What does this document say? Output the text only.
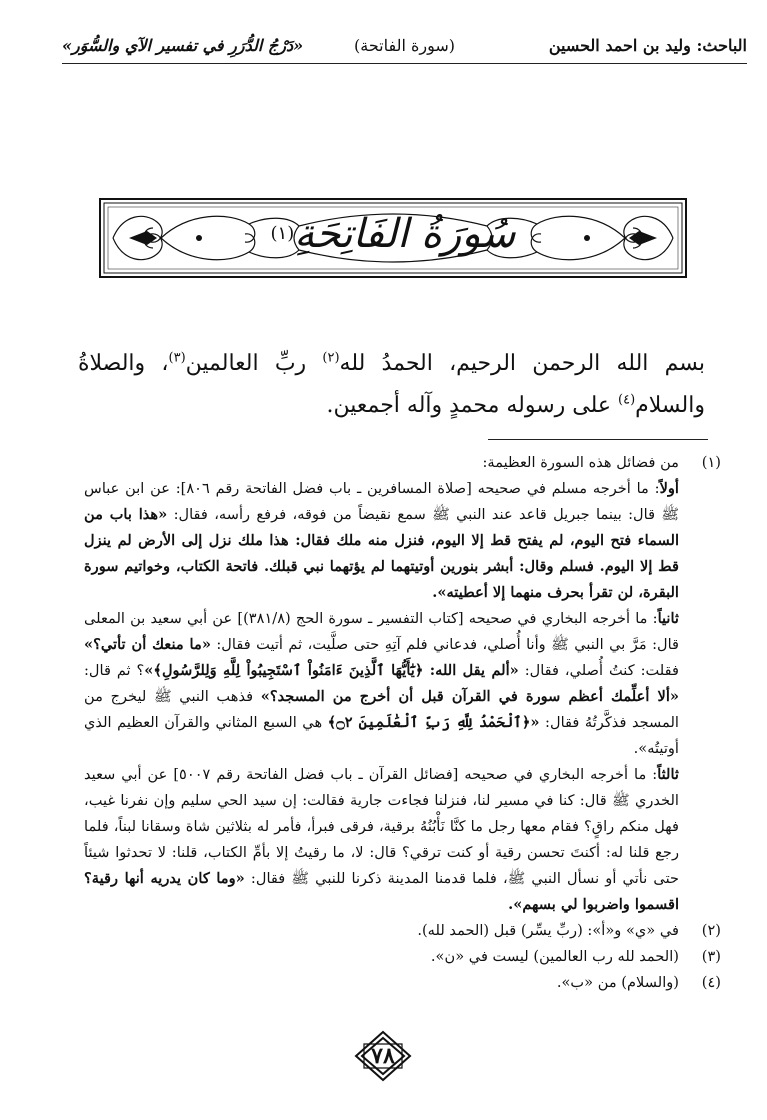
الباحث: وليد بن احمد الحسين
(سورة الفاتحة)
«دَرْجُ الدُّرَرِ في تفسير الآي والسُّوَر»
سُورَةُ الفَاتِحَةِ$^{(١)}$
بسم الله الرحمن الرحيم، الحمدُ لله$^{(٢)}$ ربِّ العالمين$^{(٣)}$، والصلاةُ والسلام$^{(٤)}$ على رسوله محمدٍ وآله أجمعين.
(١)

من فضائل هذه السورة العظيمة:

أولاً: ما أخرجه مسلم في صحيحه [صلاة المسافرين ـ باب فضل الفاتحة رقم ٨٠٦]: عن ابن عباس ﷺ قال: بينما جبريل قاعد عند النبي ﷺ سمع نقيضاً من فوقه، فرفع رأسه، فقال: «هذا باب من السماء فتح اليوم، لم يفتح قط إلا اليوم، فنزل منه ملك فقال: هذا ملك نزل إلى الأرض لم ينزل قط إلا اليوم. فسلم وقال: أبشر بنورين أوتيتهما لم يؤتهما نبي قبلك. فاتحة الكتاب، وخواتيم سورة البقرة، لن تقرأ بحرف منهما إلا أعطيته».

ثانياً: ما أخرجه البخاري في صحيحه [كتاب التفسير ـ سورة الحج (٣٨١/٨)] عن أبي سعيد بن المعلى قال: مَرَّ بي النبي ﷺ وأنا أُصلي، فدعاني فلم آتِهِ حتى صلَّيت، ثم أتيت فقال: «ما منعك أن تأتي؟» فقلت: كنتُ أُصلي، فقال: «ألم يقل الله: ﴿يَٰٓأَيُّهَا ٱلَّذِينَ ءَامَنُواْ ٱسْتَجِيبُواْ لِلَّهِ وَلِلرَّسُولِ﴾»؟ ثم قال: «ألا أعلِّمك أعظم سورة في القرآن قبل أن أخرج من المسجد؟» فذهب النبي ﷺ ليخرج من المسجد فذكَّرتُهُ فقال: «﴿ٱلْحَمْدُ لِلَّهِ رَبِّ ٱلْعَٰلَمِينَ ۝٢﴾ هي السبع المثاني والقرآن العظيم الذي أوتيتُه».

ثالثاً: ما أخرجه البخاري في صحيحه [فضائل القرآن ـ باب فضل الفاتحة رقم ٥٠٠٧] عن أبي سعيد الخدري ﷺ قال: كنا في مسير لنا، فنزلنا فجاءت جارية فقالت: إن سيد الحي سليم وإن نفرنا غيب، فهل منكم راقٍ؟ فقام معها رجل ما كنَّا نَأْبُنُهُ برقية، فرقى فبرأ، فأمر له بثلاثين شاة وسقانا لبناً، فلما رجع قلنا له: أكنتَ تحسن رقية أو كنت ترقي؟ قال: لا، ما رقيتُ إلا بأمِّ الكتاب، قلنا: لا تحدثوا شيئاً حتى نأتي أو نسأل النبي ﷺ، فلما قدمنا المدينة ذكرنا للنبي ﷺ فقال: «وما كان يدريه أنها رقية؟ اقسموا واضربوا لي بسهم».

(٢)

في «ي» و«أ»: (ربِّ يسِّر) قبل (الحمد لله).

(٣)

(الحمد لله رب العالمين) ليست في «ن».

(٤)

(والسلام) من «ب».

٧٨
